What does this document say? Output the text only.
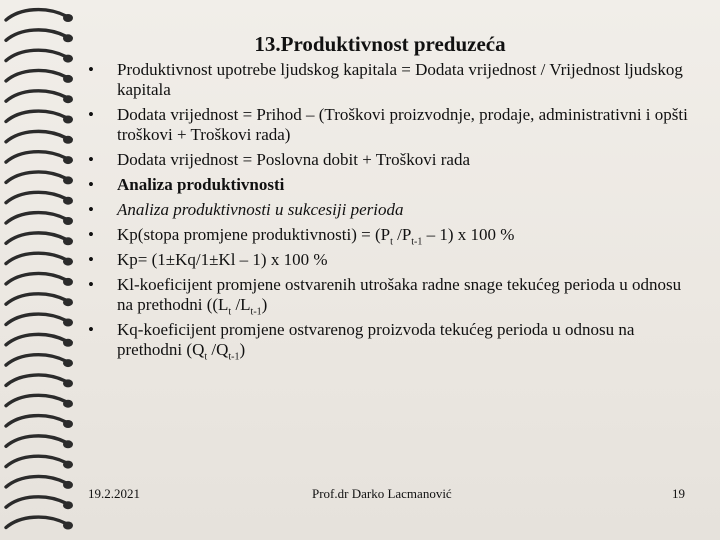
13.Produktivnost preduzeća
• Produktivnost upotrebe ljudskog kapitala = Dodata vrijednost / Vrijednost ljudskog kapitala
• Dodata vrijednost = Prihod – (Troškovi proizvodnje, prodaje, administrativni i opšti troškovi + Troškovi rada)
• Dodata vrijednost = Poslovna dobit + Troškovi rada
• Analiza produktivnosti
• Analiza produktivnosti u sukcesiji perioda
• Kp(stopa promjene produktivnosti) = ($P_t$ $/P_{t-1} - 1$) x 100 %
• Kp= (1±Kq/1±Kl – 1) x 100 %
• Kl-koeficijent promjene ostvarenih utrošaka radne snage tekućeg perioda u odnosu na prethodni (($L_t$ $/L_{t-1}$)
• Kq-koeficijent promjene ostvarenog proizvoda tekućeg perioda u odnosu na prethodni ($Q_t$ $/Q_{t-1}$)
19.2.2021	Prof.dr Darko Lacmanović	19
